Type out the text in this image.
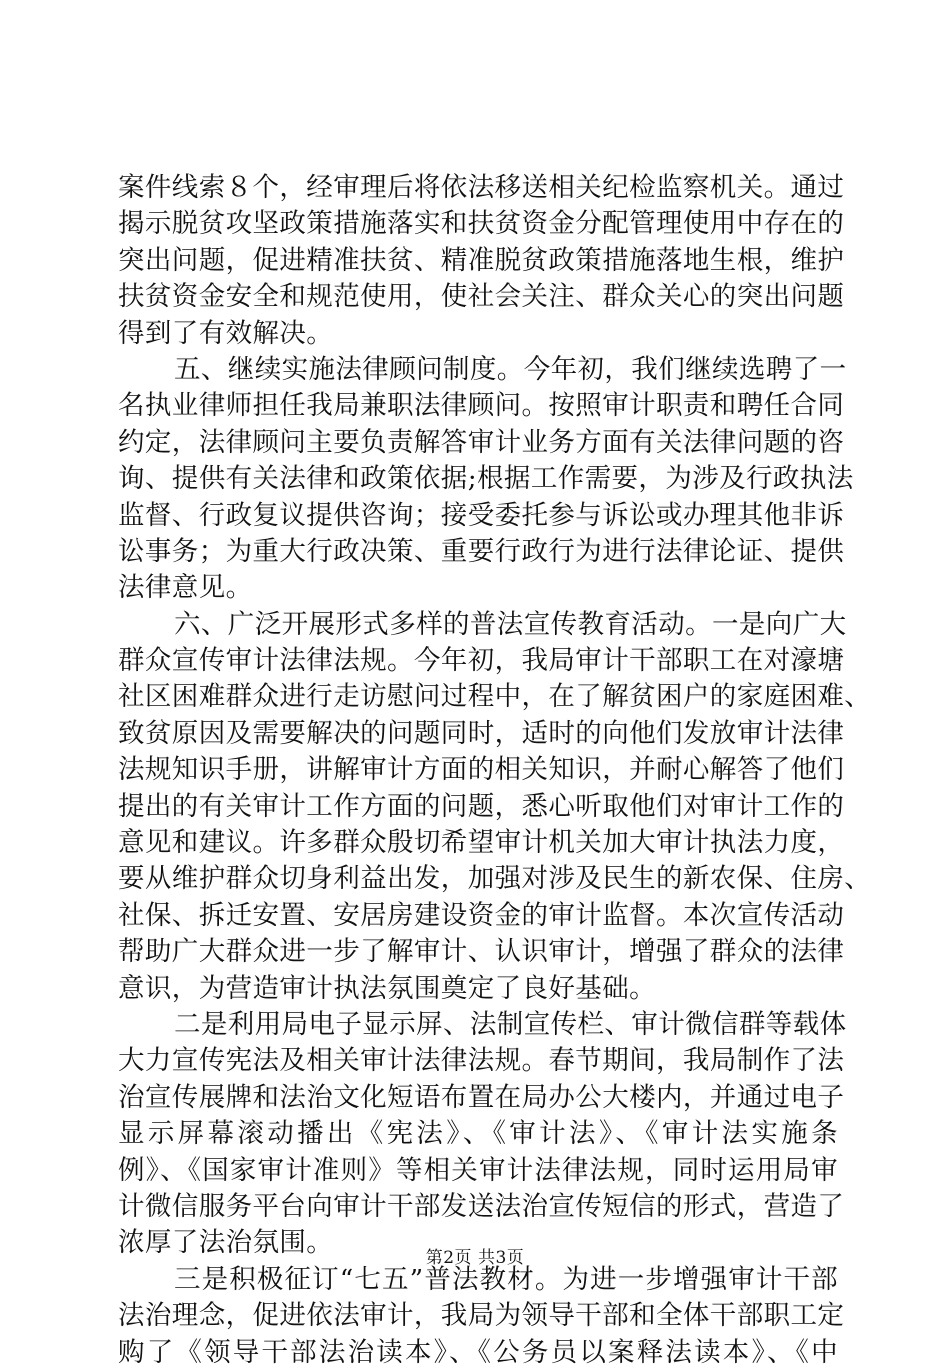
案件线索８个，经审理后将依法移送相关纪检监察机关。通过
揭示脱贫攻坚政策措施落实和扶贫资金分配管理使用中存在的
突出问题，促进精准扶贫、精准脱贫政策措施落地生根，维护
扶贫资金安全和规范使用，使社会关注、群众关心的突出问题
得到了有效解决。
五、继续实施法律顾问制度。今年初，我们继续选聘了一
名执业律师担任我局兼职法律顾问。按照审计职责和聘任合同
约定，法律顾问主要负责解答审计业务方面有关法律问题的咨
询、提供有关法律和政策依据;根据工作需要，为涉及行政执法
监督、行政复议提供咨询；接受委托参与诉讼或办理其他非诉
讼事务；为重大行政决策、重要行政行为进行法律论证、提供
法律意见。
六、广泛开展形式多样的普法宣传教育活动。一是向广大
群众宣传审计法律法规。今年初，我局审计干部职工在对濠塘
社区困难群众进行走访慰问过程中，在了解贫困户的家庭困难、
致贫原因及需要解决的问题同时，适时的向他们发放审计法律
法规知识手册，讲解审计方面的相关知识，并耐心解答了他们
提出的有关审计工作方面的问题，悉心听取他们对审计工作的
意见和建议。许多群众殷切希望审计机关加大审计执法力度，
要从维护群众切身利益出发，加强对涉及民生的新农保、住房、
社保、拆迁安置、安居房建设资金的审计监督。本次宣传活动
帮助广大群众进一步了解审计、认识审计，增强了群众的法律
意识，为营造审计执法氛围奠定了良好基础。
二是利用局电子显示屏、法制宣传栏、审计微信群等载体
大力宣传宪法及相关审计法律法规。春节期间，我局制作了法
治宣传展牌和法治文化短语布置在局办公大楼内，并通过电子
显示屏幕滚动播出《宪法》、《审计法》、《审计法实施条
例》、《国家审计准则》等相关审计法律法规，同时运用局审
计微信服务平台向审计干部发送法治宣传短信的形式，营造了
浓厚了法治氛围。
三是积极征订“七五”普法教材。为进一步增强审计干部
法治理念，促进依法审计，我局为领导干部和全体干部职工定
购了《领导干部法治读本》、《公务员以案释法读本》、《中
第2页 共3页
